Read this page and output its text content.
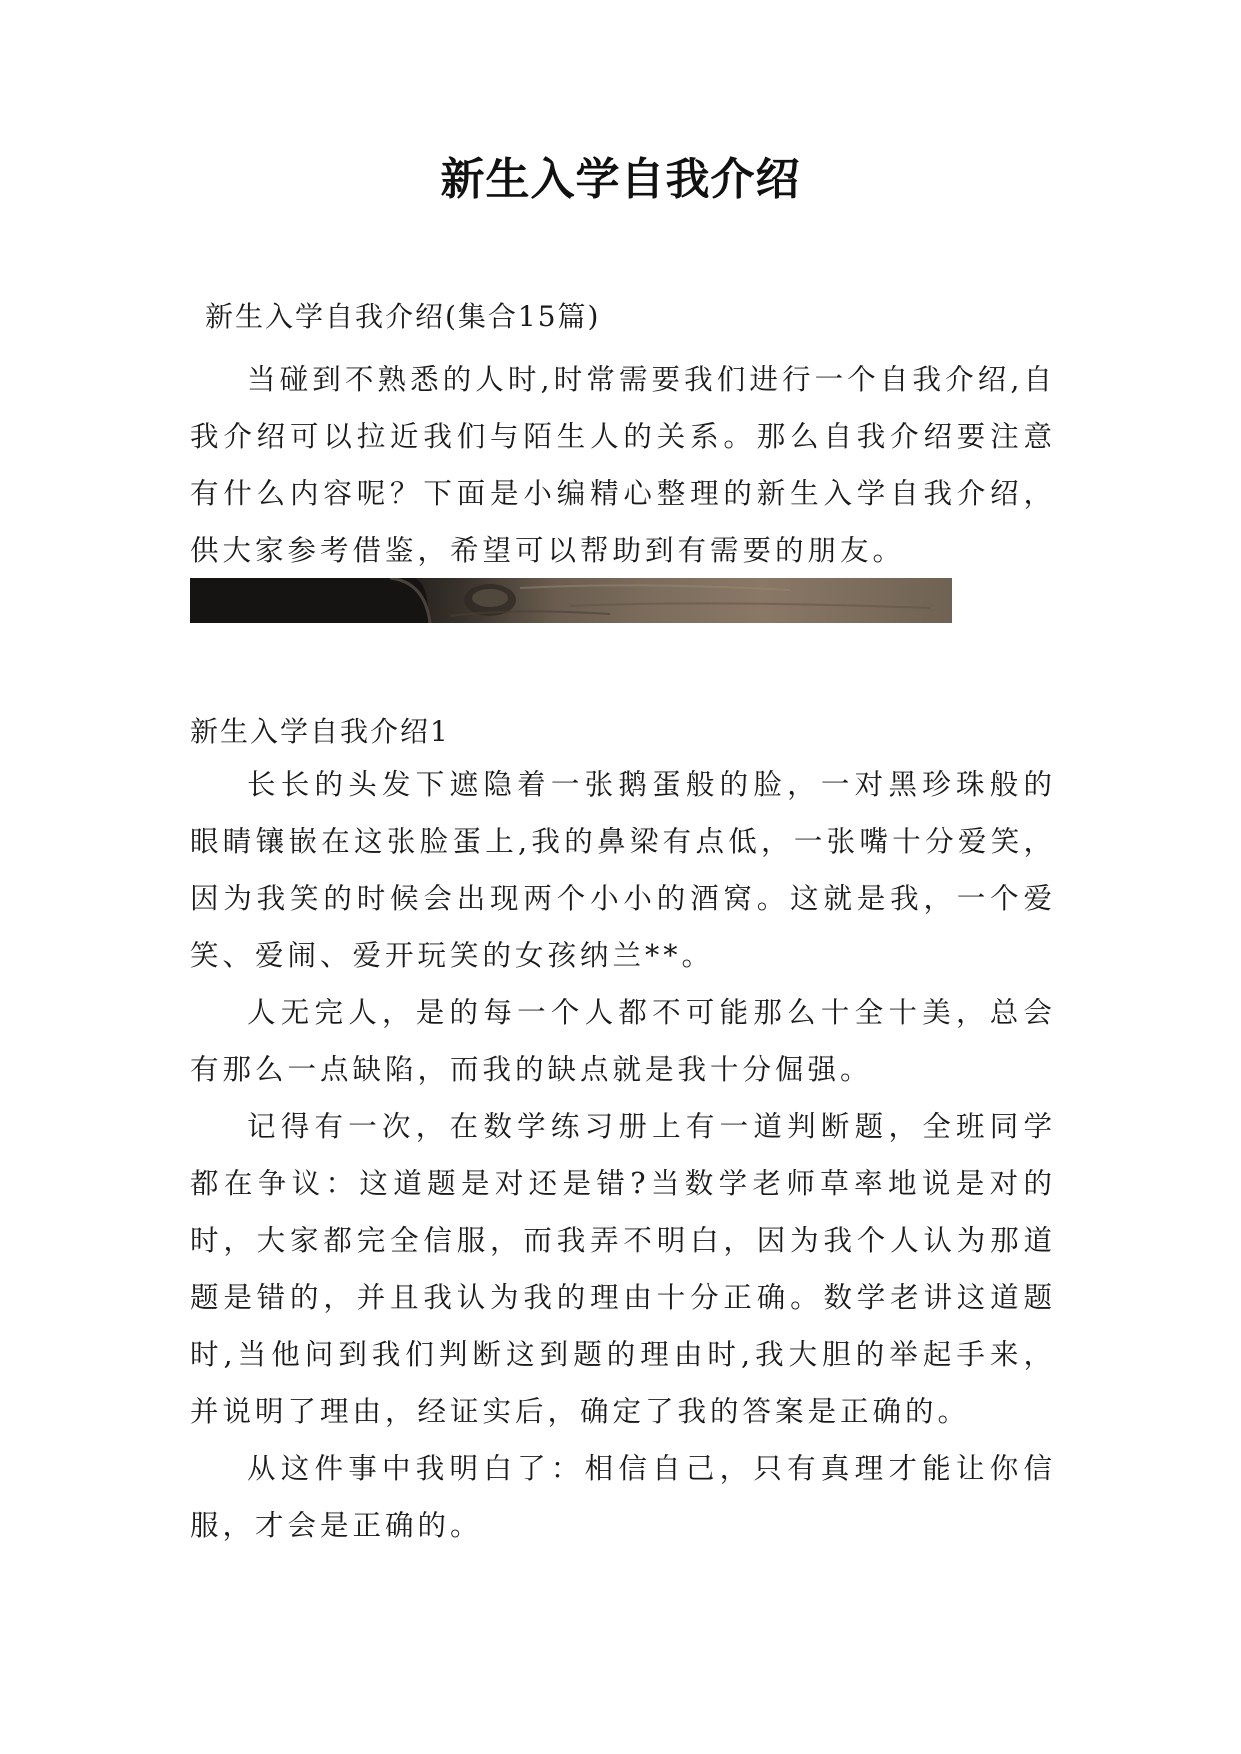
新生入学自我介绍
新生入学自我介绍(集合15篇)

当碰到不熟悉的人时,时常需要我们进行一个自我介绍,自我介绍可以拉近我们与陌生人的关系。那么自我介绍要注意有什么内容呢？下面是小编精心整理的新生入学自我介绍，供大家参考借鉴，希望可以帮助到有需要的朋友。

新生入学自我介绍1

长长的头发下遮隐着一张鹅蛋般的脸，一对黑珍珠般的眼睛镶嵌在这张脸蛋上,我的鼻梁有点低，一张嘴十分爱笑，因为我笑的时候会出现两个小小的酒窝。这就是我，一个爱笑、爱闹、爱开玩笑的女孩纳兰**。

人无完人，是的每一个人都不可能那么十全十美，总会有那么一点缺陷，而我的缺点就是我十分倔强。

记得有一次，在数学练习册上有一道判断题，全班同学都在争议：这道题是对还是错?当数学老师草率地说是对的时，大家都完全信服，而我弄不明白，因为我个人认为那道题是错的，并且我认为我的理由十分正确。数学老讲这道题时,当他问到我们判断这到题的理由时,我大胆的举起手来，并说明了理由，经证实后，确定了我的答案是正确的。

从这件事中我明白了：相信自己，只有真理才能让你信服，才会是正确的。
